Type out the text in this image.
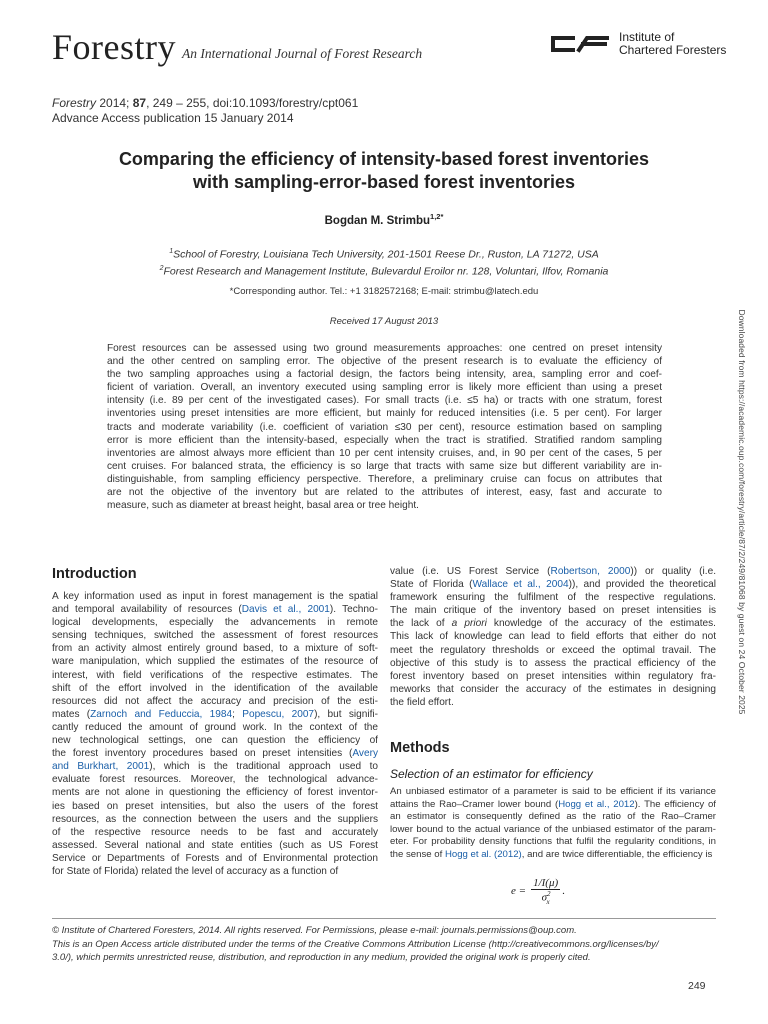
Forestry An International Journal of Forest Research
Institute of
Chartered Foresters
Forestry 2014; 87, 249 – 255, doi:10.1093/forestry/cpt061
Advance Access publication 15 January 2014
Comparing the efficiency of intensity-based forest inventories
with sampling-error-based forest inventories
Bogdan M. Strimbu$^{1,2*}$
$^1$School of Forestry, Louisiana Tech University, 201-1501 Reese Dr., Ruston, LA 71272, USA
$^2$Forest Research and Management Institute, Bulevardul Eroilor nr. 128, Voluntari, Ilfov, Romania
*Corresponding author. Tel.: +1 3182572168; E-mail: strimbu@latech.edu
Received 17 August 2013
Forest resources can be assessed using two ground measurements approaches: one centred on preset intensity
and the other centred on sampling error. The objective of the present research is to evaluate the efficiency of
the two sampling approaches using a factorial design, the factors being intensity, area, sampling error and coef-
ficient of variation. Overall, an inventory executed using sampling error is likely more efficient than using a preset
intensity (i.e. 89 per cent of the investigated cases). For small tracts (i.e. ≤5 ha) or tracts with one stratum, forest
inventories using preset intensities are more efficient, but mainly for reduced intensities (i.e. 5 per cent). For larger
tracts and moderate variability (i.e. coefficient of variation ≤30 per cent), resource estimation based on sampling
error is more efficient than the intensity-based, especially when the tract is stratified. Stratified random sampling
inventories are almost always more efficient than 10 per cent intensity cruises, and, in 90 per cent of the cases, 5 per
cent cruises. For balanced strata, the efficiency is so large that tracts with same size but different variability are in-
distinguishable, from sampling efficiency perspective. Therefore, a preliminary cruise can focus on attributes that
are not the objective of the inventory but are related to the attributes of interest, easy, fast and accurate to
measure, such as diameter at breast height, basal area or tree height.	Downloaded from https://academic.oup.com/forestry/article/87/2/249/81068 by guest on 24 October 2025
Introduction
A key information used as input in forest management is the spatial
and temporal availability of resources (Davis et al., 2001). Techno-
logical developments, especially the advancements in remote
sensing techniques, switched the assessment of forest resources
from an activity almost entirely ground based, to a mixture of soft-
ware manipulation, which supplied the estimates of the resource of
interest, with field verifications of the respective estimates. The
shift of the effort involved in the identification of the available
resources did not affect the accuracy and precision of the esti-
mates (Zarnoch and Feduccia, 1984; Popescu, 2007), but signifi-
cantly reduced the amount of ground work. In the context of the
new technological settings, one can question the efficiency of
the forest inventory procedures based on preset intensities (Avery
and Burkhart, 2001), which is the traditional approach used to
evaluate forest resources. Moreover, the technological advance-
ments are not alone in questioning the efficiency of forest inventor-
ies based on preset intensities, but also the users of the forest
resources, as the connection between the users and the suppliers
of the respective resource needs to be fast and accurately
assessed. Several national and state entities (such as US Forest
Service or Departments of Forests and of Environmental protection
for State of Florida) related the level of accuracy as a function of
value (i.e. US Forest Service (Robertson, 2000)) or quality (i.e.
State of Florida (Wallace et al., 2004)), and provided the theoretical
framework ensuring the fulfilment of the respective regulations.
The main critique of the inventory based on preset intensities is
the lack of a priori knowledge of the accuracy of the estimates.
This lack of knowledge can lead to field efforts that either do not
meet the regulatory thresholds or exceed the optimal travail. The
objective of this study is to assess the practical efficiency of the
forest inventory based on preset intensities within regulatory fra-
meworks that consider the accuracy of the estimates in designing
the field effort.
Methods
Selection of an estimator for efficiency
An unbiased estimator of a parameter is said to be efficient if its variance
attains the Rao–Cramer lower bound (Hogg et al., 2012). The efficiency of
an estimator is consequently defined as the ratio of the Rao–Cramer
lower bound to the actual variance of the unbiased estimator of the param-
eter. For probability density functions that fulfil the regularity conditions, in
the sense of Hogg et al. (2012), and are twice differentiable, the efficiency is
e =	
1/I(μ)
$\sigma^2_x$
	.
© Institute of Chartered Foresters, 2014. All rights reserved. For Permissions, please e-mail: journals.permissions@oup.com.
This is an Open Access article distributed under the terms of the Creative Commons Attribution License (http://creativecommons.org/licenses/by/
3.0/), which permits unrestricted reuse, distribution, and reproduction in any medium, provided the original work is properly cited.
249
